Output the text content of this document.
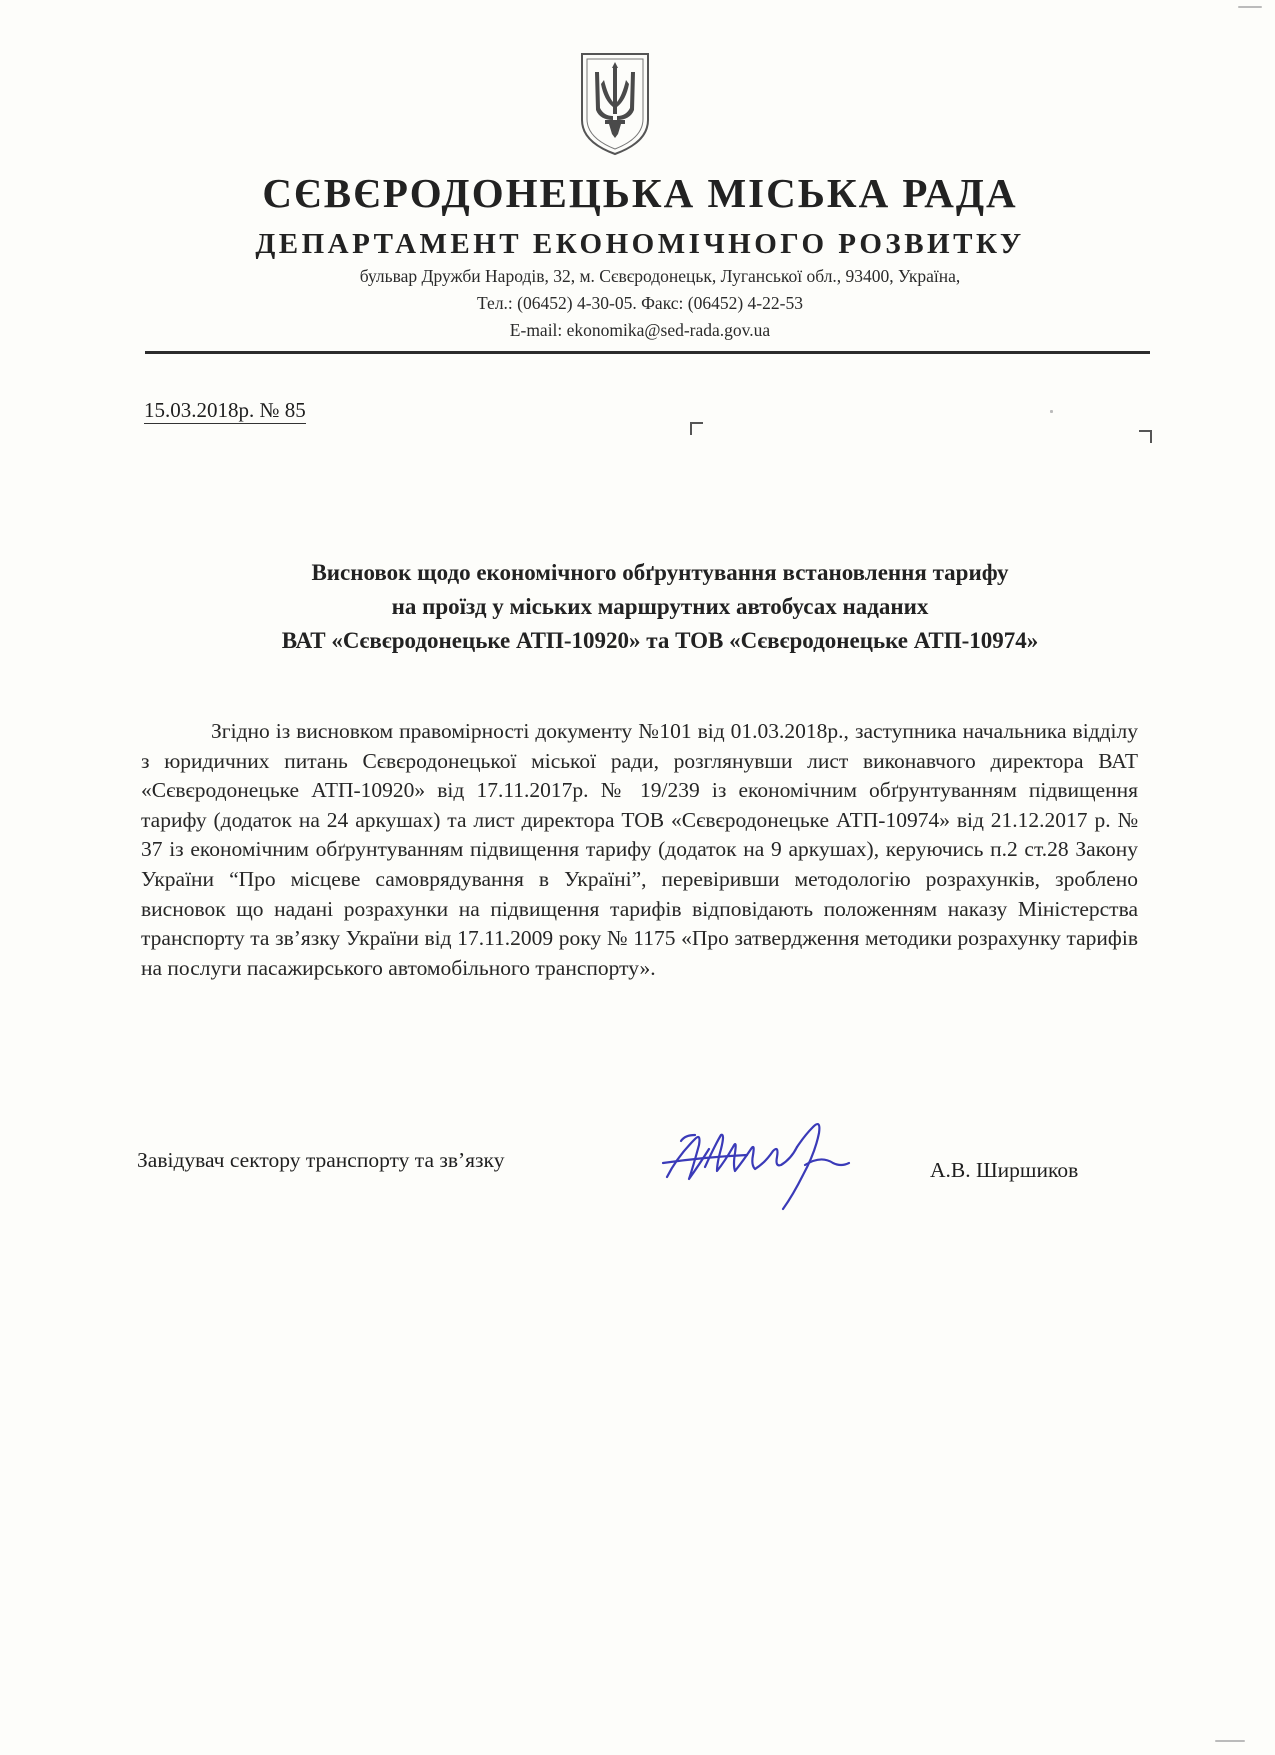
СЄВЄРОДОНЕЦЬКА МІСЬКА РАДА
ДЕПАРТАМЕНТ ЕКОНОМІЧНОГО РОЗВИТКУ
бульвар Дружби Народів, 32, м. Сєвєродонецьк, Луганської обл., 93400, Україна,
Тел.: (06452) 4-30-05. Факс: (06452) 4-22-53
E-mail: ekonomika@sed-rada.gov.ua
15.03.2018р. № 85
Висновок щодо економічного обґрунтування встановлення тарифу
на проїзд у міських маршрутних автобусах наданих
ВАТ «Сєвєродонецьке АТП-10920» та ТОВ «Сєвєродонецьке АТП-10974»
Згідно із висновком правомірності документу №101 від 01.03.2018р., заступника начальника відділу з юридичних питань Сєвєродонецької міської ради, розглянувши лист виконавчого директора ВАТ «Сєвєродонецьке АТП-10920» від 17.11.2017р. № 19/239 із економічним обґрунтуванням підвищення тарифу (додаток на 24 аркушах) та лист директора ТОВ «Сєвєродонецьке АТП-10974» від 21.12.2017 р. № 37 із економічним обґрунтуванням підвищення тарифу (додаток на 9 аркушах), керуючись п.2 ст.28 Закону України “Про місцеве самоврядування в Україні”, перевіривши методологію розрахунків, зроблено висновок що надані розрахунки на підвищення тарифів відповідають положенням наказу Міністерства транспорту та зв’язку України від 17.11.2009 року № 1175 «Про затвердження методики розрахунку тарифів на послуги пасажирського автомобільного транспорту».
Завідувач сектору транспорту та зв’язку	А.В. Ширшиков
